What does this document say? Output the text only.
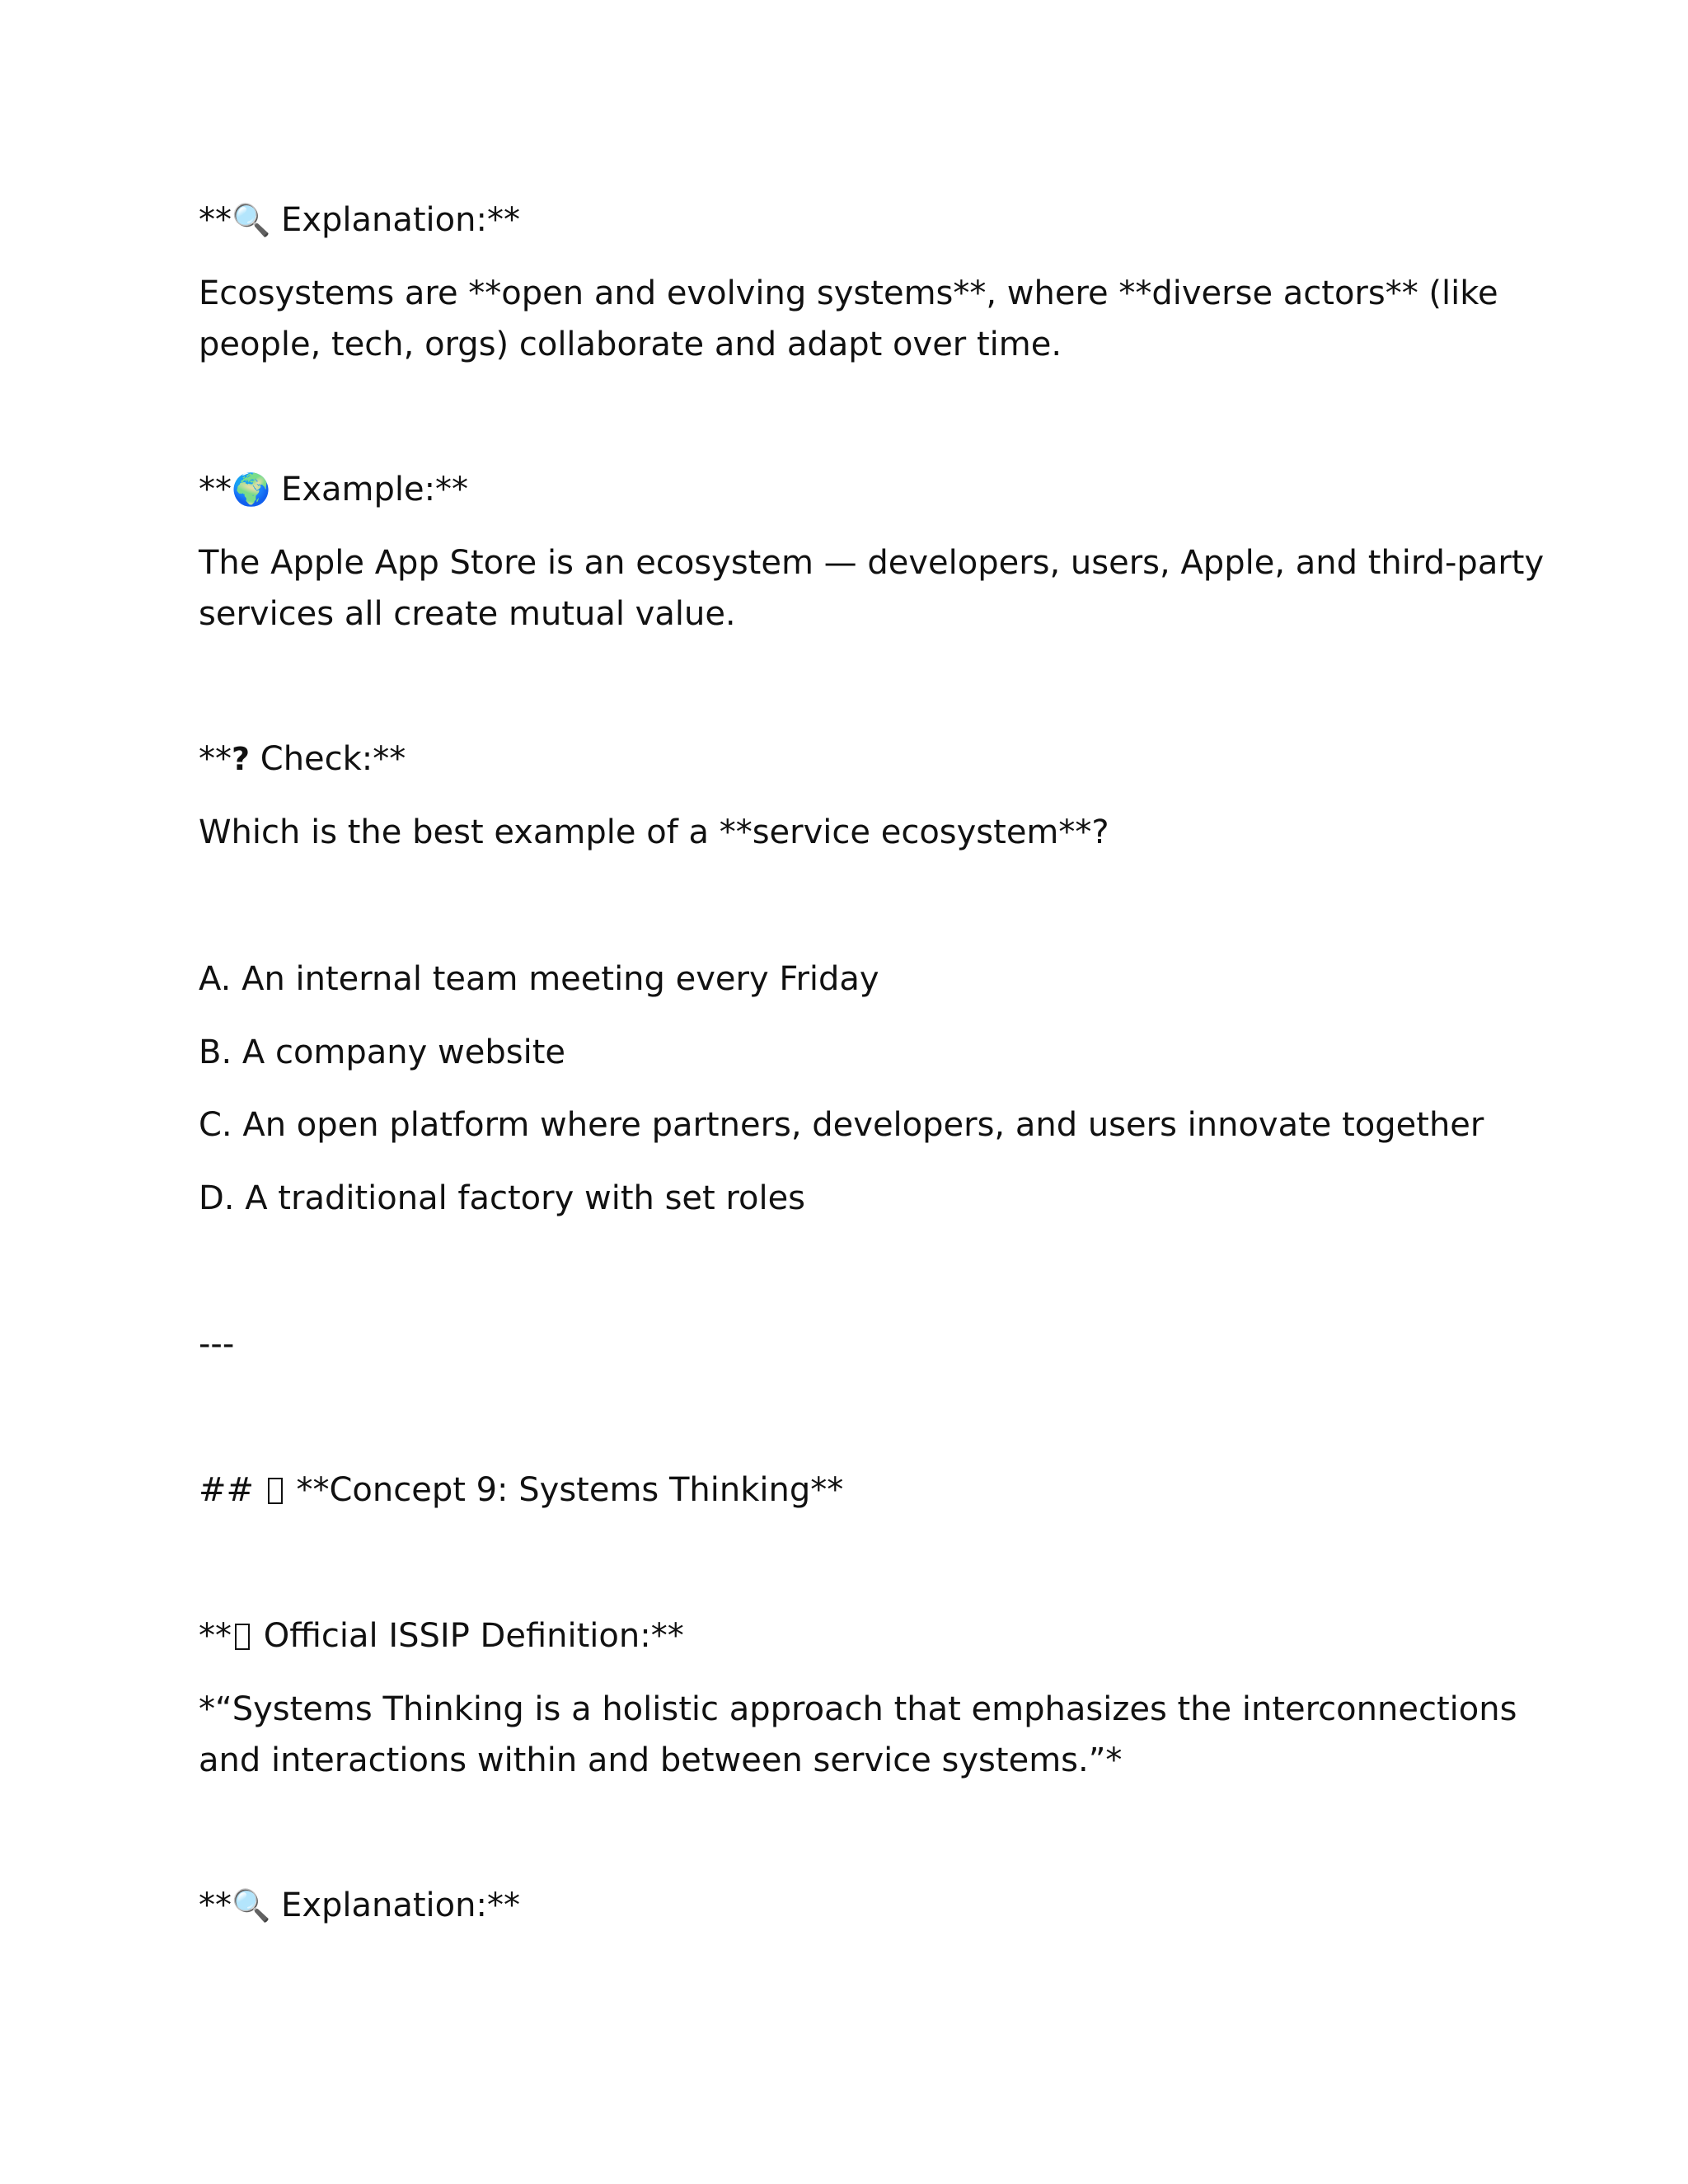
**🔍 Explanation:**
Ecosystems are **open and evolving systems**, where **diverse actors** (like
people, tech, orgs) collaborate and adapt over time.
**🌍 Example:**
The Apple App Store is an ecosystem — developers, users, Apple, and third-party
services all create mutual value.
**? Check:**
Which is the best example of a **service ecosystem**?
A. An internal team meeting every Friday
B. A company website
C. An open platform where partners, developers, and users innovate together
D. A traditional factory with set roles
---
##  **Concept 9: Systems Thinking**
** Official ISSIP Definition:**
*“Systems Thinking is a holistic approach that emphasizes the interconnections
and interactions within and between service systems.”*
**🔍 Explanation:**
